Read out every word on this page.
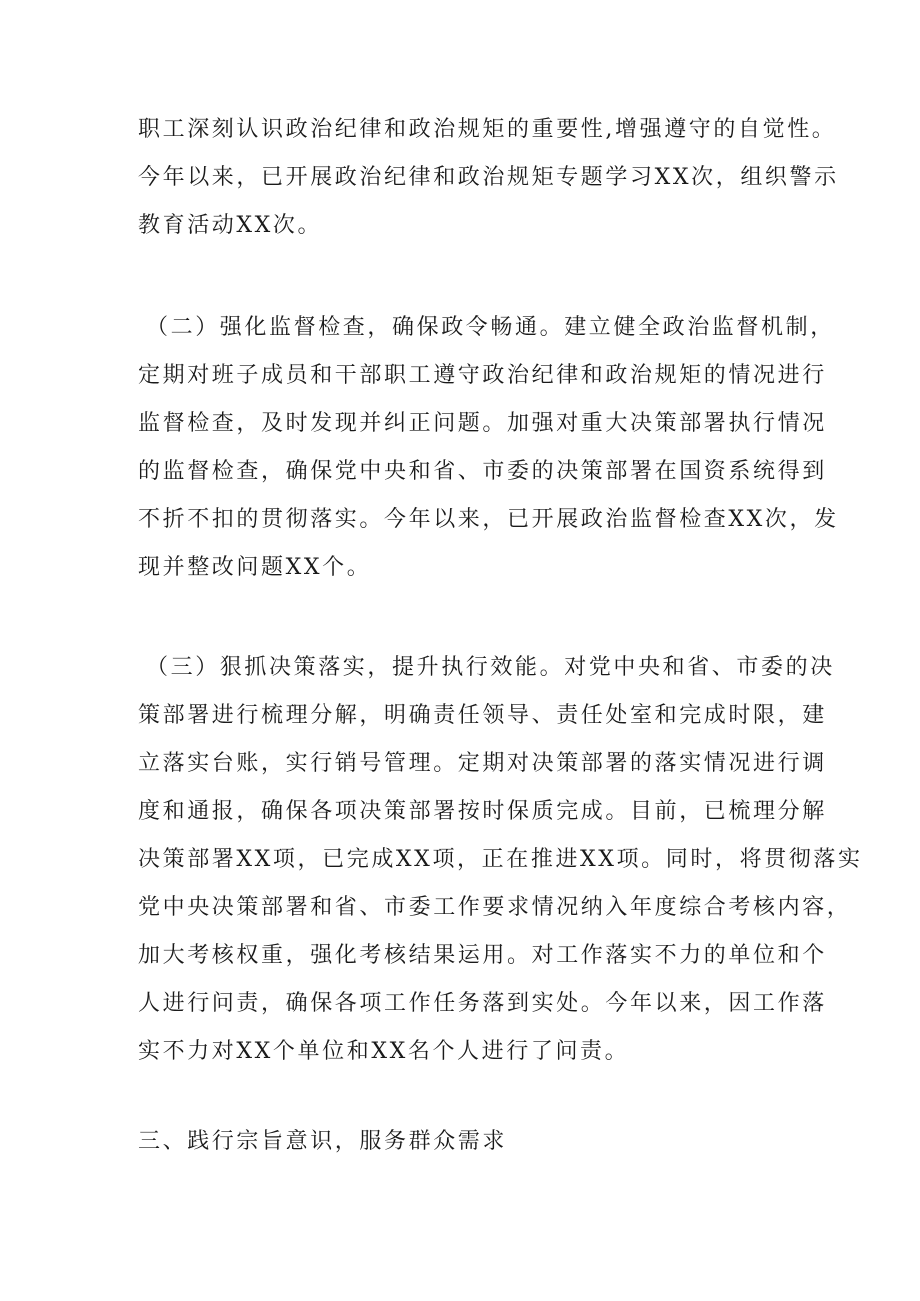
职工深刻认识政治纪律和政治规矩的重要性,增强遵守的自觉性。
今年以来，已开展政治纪律和政治规矩专题学习XX次，组织警示
教育活动XX次。
（二）强化监督检查，确保政令畅通。建立健全政治监督机制，
定期对班子成员和干部职工遵守政治纪律和政治规矩的情况进行
监督检查，及时发现并纠正问题。加强对重大决策部署执行情况
的监督检查，确保党中央和省、市委的决策部署在国资系统得到
不折不扣的贯彻落实。今年以来，已开展政治监督检查XX次，发
现并整改问题XX个。
（三）狠抓决策落实，提升执行效能。对党中央和省、市委的决
策部署进行梳理分解，明确责任领导、责任处室和完成时限，建
立落实台账，实行销号管理。定期对决策部署的落实情况进行调
度和通报，确保各项决策部署按时保质完成。目前，已梳理分解
决策部署XX项，已完成XX项，正在推进XX项。同时，将贯彻落实
党中央决策部署和省、市委工作要求情况纳入年度综合考核内容，
加大考核权重，强化考核结果运用。对工作落实不力的单位和个
人进行问责，确保各项工作任务落到实处。今年以来，因工作落
实不力对XX个单位和XX名个人进行了问责。
三、践行宗旨意识，服务群众需求
